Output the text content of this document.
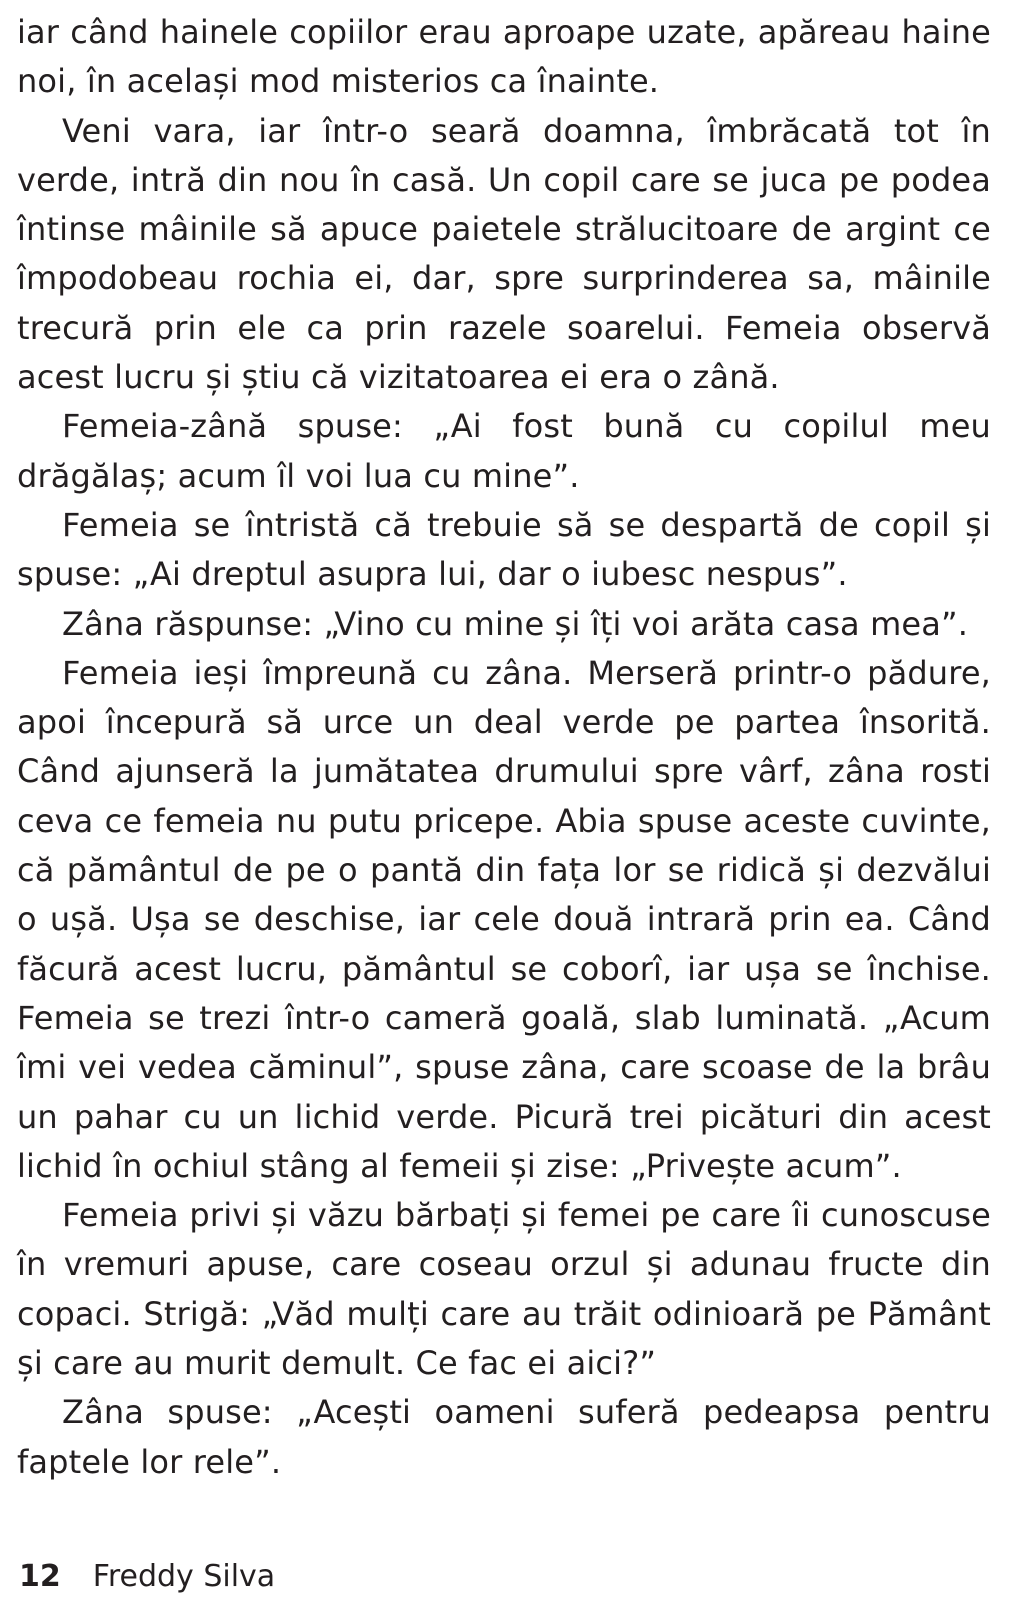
iar când hainele copiilor erau aproape uzate, apăreau haine noi, în același mod misterios ca înainte.

Veni vara, iar într-o seară doamna, îmbrăcată tot în verde, intră din nou în casă. Un copil care se juca pe podea întinse mâinile să apuce paietele strălucitoare de argint ce împodobeau rochia ei, dar, spre surprinderea sa, mâinile trecură prin ele ca prin razele soarelui. Femeia observă acest lucru și știu că vizitatoarea ei era o zână.

Femeia-zână spuse: „Ai fost bună cu copilul meu drăgălaș; acum îl voi lua cu mine”.

Femeia se întristă că trebuie să se despartă de copil și spuse: „Ai dreptul asupra lui, dar o iubesc nespus”.

Zâna răspunse: „Vino cu mine și îți voi arăta casa mea”.

Femeia ieși împreună cu zâna. Merseră printr-o pădure, apoi începură să urce un deal verde pe partea însorită. Când ajunseră la jumătatea drumului spre vârf, zâna rosti ceva ce femeia nu putu pricepe. Abia spuse aceste cuvinte, că pământul de pe o pantă din fața lor se ridică și dezvălui o ușă. Ușa se deschise, iar cele două intrară prin ea. Când făcură acest lucru, pământul se coborî, iar ușa se închise. Femeia se trezi într-o cameră goală, slab luminată. „Acum îmi vei vedea căminul”, spuse zâna, care scoase de la brâu un pahar cu un lichid verde. Picură trei picături din acest lichid în ochiul stâng al femeii și zise: „Privește acum”.

Femeia privi și văzu bărbați și femei pe care îi cunoscuse în vremuri apuse, care coseau orzul și adunau fructe din copaci. Strigă: „Văd mulți care au trăit odinioară pe Pământ și care au murit demult. Ce fac ei aici?”

Zâna spuse: „Acești oameni suferă pedeapsa pentru faptele lor rele”.

12 Freddy Silva
